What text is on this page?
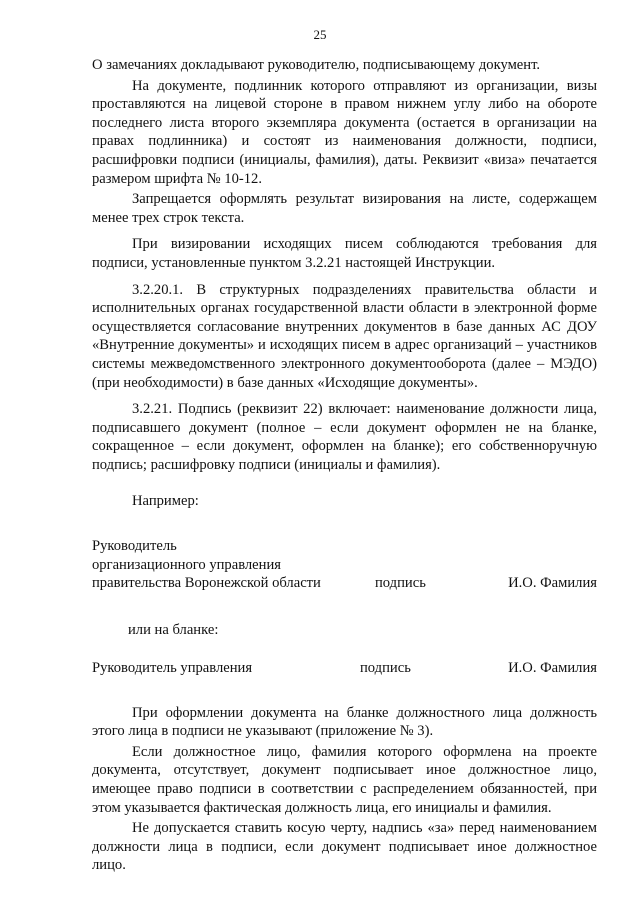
25

О замечаниях докладывают руководителю, подписывающему документ.

На документе, подлинник которого отправляют из организации, визы проставляются на лицевой стороне в правом нижнем углу либо на обороте последнего листа второго экземпляра документа (остается в организации на правах подлинника) и состоят из наименования должности, подписи, расшифровки подписи (инициалы, фамилия), даты. Реквизит «виза» печатается размером шрифта № 10-12.

Запрещается оформлять результат визирования на листе, содержащем менее трех строк текста.

При визировании исходящих писем соблюдаются требования для подписи, установленные пунктом 3.2.21 настоящей Инструкции.

3.2.20.1. В структурных подразделениях правительства области и исполнительных органах государственной власти области в электронной форме осуществляется согласование внутренних документов в базе данных АС ДОУ «Внутренние документы» и исходящих писем в адрес организаций – участников системы межведомственного электронного документооборота (далее – МЭДО) (при необходимости) в базе данных «Исходящие документы».

3.2.21. Подпись (реквизит 22) включает: наименование должности лица, подписавшего документ (полное – если документ оформлен не на бланке, сокращенное – если документ, оформлен на бланке); его собственноручную подпись; расшифровку подписи (инициалы и фамилия).

Например:

Руководитель
организационного управления
правительства Воронежской области	подпись	И.О. Фамилия

или на бланке:

Руководитель управления	подпись	И.О. Фамилия

При оформлении документа на бланке должностного лица должность этого лица в подписи не указывают (приложение № 3).

Если должностное лицо, фамилия которого оформлена на проекте документа, отсутствует, документ подписывает иное должностное лицо, имеющее право подписи в соответствии с распределением обязанностей, при этом указывается фактическая должность лица, его инициалы и фамилия.

Не допускается ставить косую черту, надпись «за» перед наименованием должности лица в подписи, если документ подписывает иное должностное лицо.
